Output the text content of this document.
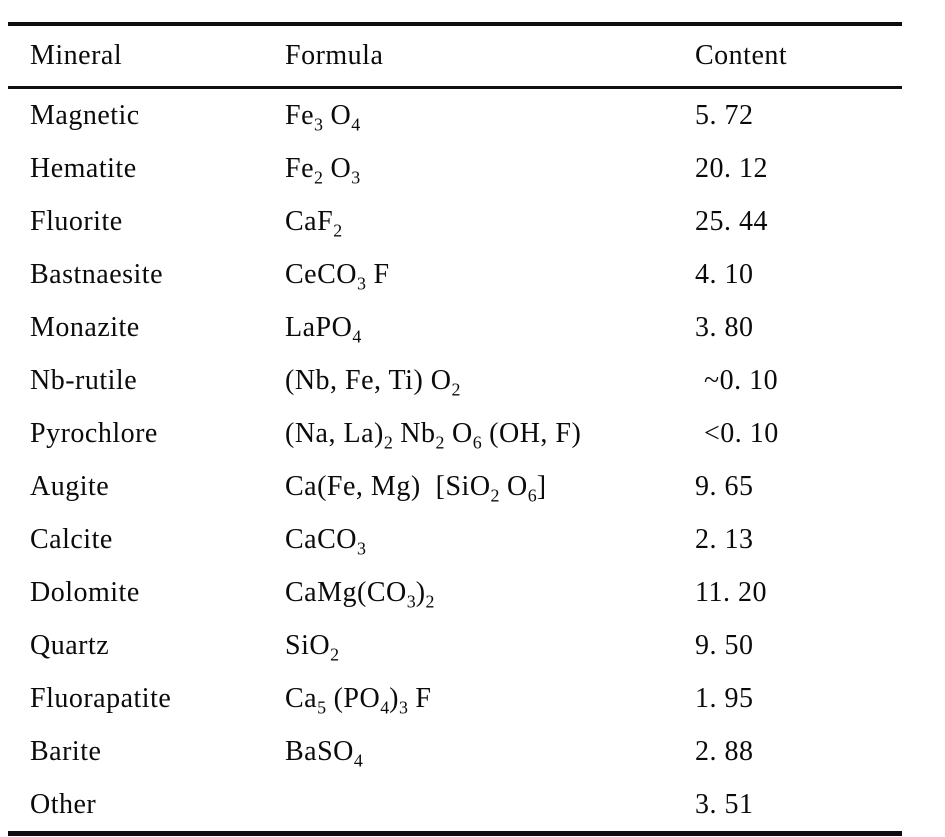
Mineral	Formula	Content
Magnetic	$Fe_3$ $O_4$	5. 72
Hematite	$Fe_2$ $O_3$	20. 12
Fluorite	CaF$_2$	25. 44
Bastnaesite	CeCO$_3$ F	4. 10
Monazite	LaPO$_4$	3. 80
Nb-rutile	(Nb, Fe, Ti) $O_2$	~0. 10
Pyrochlore	(Na, $La)_2$ $Nb_2$ $O_6$ (OH, F)	<0. 10
Augite	Ca(Fe, Mg)  [SiO$_2$ $O_6$]	9. 65
Calcite	CaCO$_3$	2. 13
Dolomite	$CaMg(CO_3)_2$	11. 20
Quartz	SiO$_2$	9. 50
Fluorapatite	$Ca_5$ $(PO_4)_3$ F	1. 95
Barite	BaSO$_4$	2. 88
Other		3. 51
